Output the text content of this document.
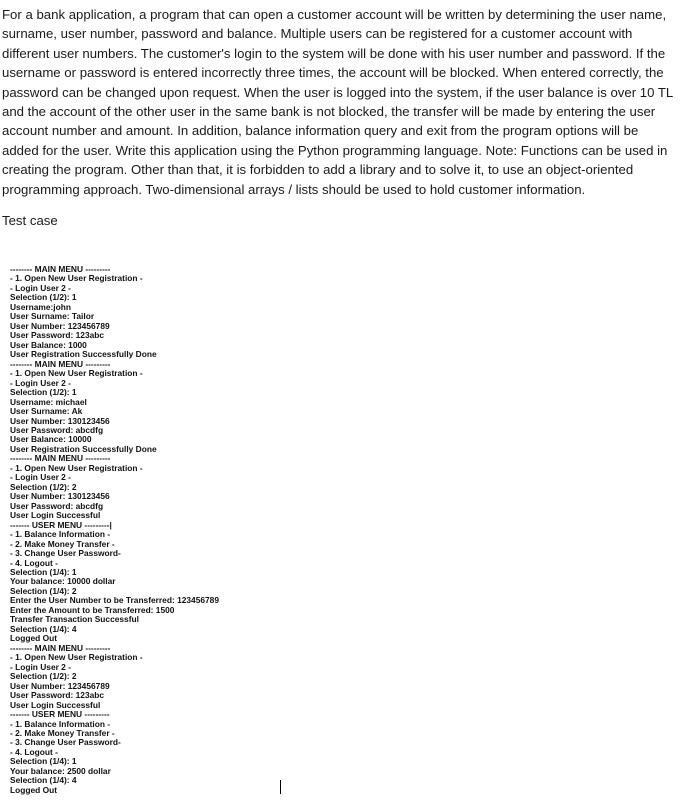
For a bank application, a program that can open a customer account will be written by determining the user name, surname, user number, password and balance. Multiple users can be registered for a customer account with different user numbers. The customer's login to the system will be done with his user number and password. If the username or password is entered incorrectly three times, the account will be blocked. When entered correctly, the password can be changed upon request. When the user is logged into the system, if the user balance is over 10 TL and the account of the other user in the same bank is not blocked, the transfer will be made by entering the user account number and amount. In addition, balance information query and exit from the program options will be added for the user. Write this application using the Python programming language. Note: Functions can be used in creating the program. Other than that, it is forbidden to add a library and to solve it, to use an object-oriented programming approach. Two-dimensional arrays / lists should be used to hold customer information.

Test case
-------- MAIN MENU ---------
- 1. Open New User Registration -
- Login User 2 -
Selection (1/2): 1
Username:john
User Surname: Tailor
User Number: 123456789
User Password: 123abc
User Balance: 1000
User Registration Successfully Done
-------- MAIN MENU ---------
- 1. Open New User Registration -
- Login User 2 -
Selection (1/2): 1
Username: michael
User Surname: Ak
User Number: 130123456
User Password: abcdfg
User Balance: 10000
User Registration Successfully Done
-------- MAIN MENU ---------
- 1. Open New User Registration -
- Login User 2 -
Selection (1/2): 2
User Number: 130123456
User Password: abcdfg
User Login Successful
------- USER MENU ---------|
- 1. Balance Information -
- 2. Make Money Transfer -
- 3. Change User Password-
- 4. Logout -
Selection (1/4): 1
Your balance: 10000 dollar
Selection (1/4): 2
Enter the User Number to be Transferred: 123456789
Enter the Amount to be Transferred: 1500
Transfer Transaction Successful
Selection (1/4): 4
Logged Out
-------- MAIN MENU ---------
- 1. Open New User Registration -
- Login User 2 -
Selection (1/2): 2
User Number: 123456789
User Password: 123abc
User Login Successful
------- USER MENU ---------
- 1. Balance Information -
- 2. Make Money Transfer -
- 3. Change User Password-
- 4. Logout -
Selection (1/4): 1
Your balance: 2500 dollar
Selection (1/4): 4
Logged Out
